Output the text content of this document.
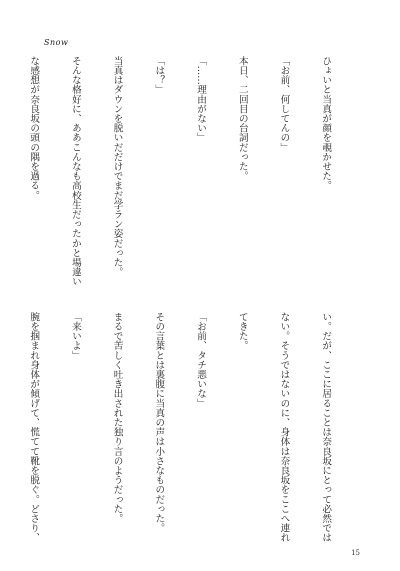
Snow

ひょいと当真が顔を覗かせた。

「お前、何してんの」

本日、二回目の台詞だった。

「……理由がない」

「は？」

当真はダウンを脱いだだけでまだ学ラン姿だった。

そんな格好に、ああこんなも高校生だったかと場違い

な感想が奈良坂の頭の隅を過る。

い。だが、ここに居ることは奈良坂にとって必然では

ない。そうではないのに、身体は奈良坂をここへ連れ

てきた。

「お前、タチ悪いな」

その言葉とは裏腹に当真の声は小さなものだった。

まるで苦しく吐き出された独り言のようだった。

「来いよ」

腕を掴まれ身体が傾げて、慌てて靴を脱ぐ。どさり、

15
